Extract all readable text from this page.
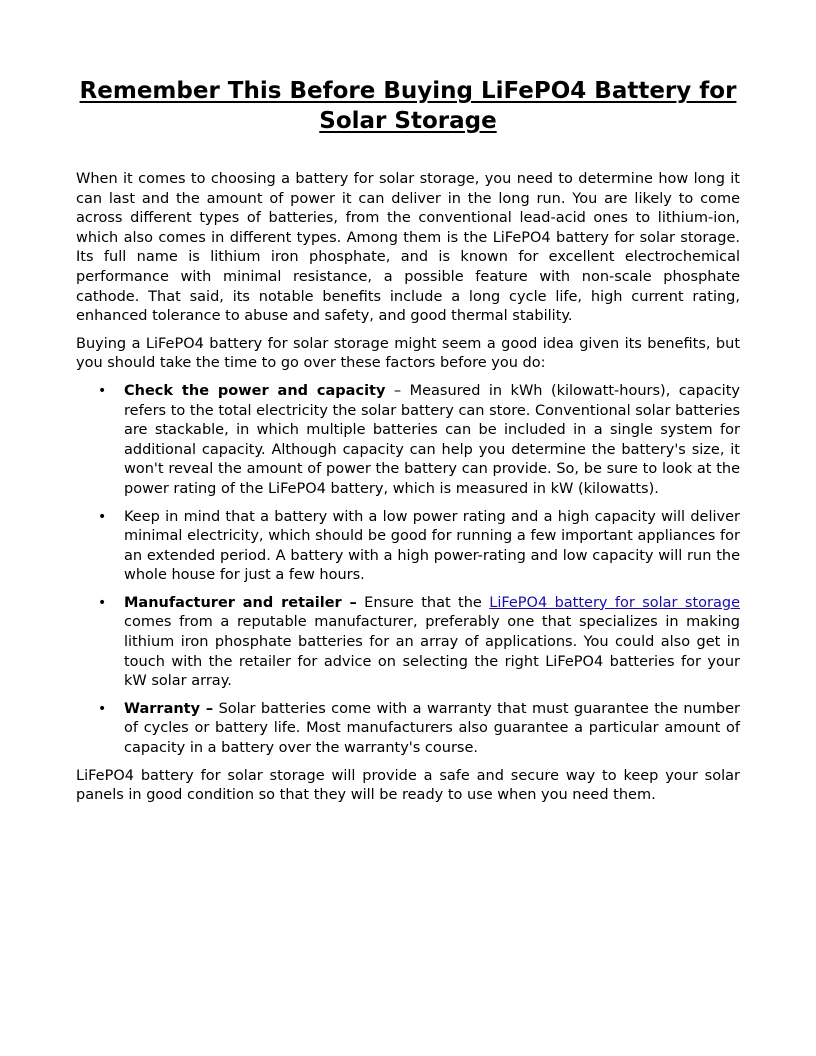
Remember This Before Buying LiFePO4 Battery for Solar Storage

When it comes to choosing a battery for solar storage, you need to determine how long it can last and the amount of power it can deliver in the long run. You are likely to come across different types of batteries, from the conventional lead-acid ones to lithium-ion, which also comes in different types. Among them is the LiFePO4 battery for solar storage. Its full name is lithium iron phosphate, and is known for excellent electrochemical performance with minimal resistance, a possible feature with non-scale phosphate cathode. That said, its notable benefits include a long cycle life, high current rating, enhanced tolerance to abuse and safety, and good thermal stability.

Buying a LiFePO4 battery for solar storage might seem a good idea given its benefits, but you should take the time to go over these factors before you do:

• Check the power and capacity – Measured in kWh (kilowatt-hours), capacity refers to the total electricity the solar battery can store. Conventional solar batteries are stackable, in which multiple batteries can be included in a single system for additional capacity. Although capacity can help you determine the battery's size, it won't reveal the amount of power the battery can provide. So, be sure to look at the power rating of the LiFePO4 battery, which is measured in kW (kilowatts).
• Keep in mind that a battery with a low power rating and a high capacity will deliver minimal electricity, which should be good for running a few important appliances for an extended period. A battery with a high power-rating and low capacity will run the whole house for just a few hours.
• Manufacturer and retailer – Ensure that the LiFePO4 battery for solar storage comes from a reputable manufacturer, preferably one that specializes in making lithium iron phosphate batteries for an array of applications. You could also get in touch with the retailer for advice on selecting the right LiFePO4 batteries for your kW solar array.
• Warranty – Solar batteries come with a warranty that must guarantee the number of cycles or battery life. Most manufacturers also guarantee a particular amount of capacity in a battery over the warranty's course.

LiFePO4 battery for solar storage will provide a safe and secure way to keep your solar panels in good condition so that they will be ready to use when you need them.
